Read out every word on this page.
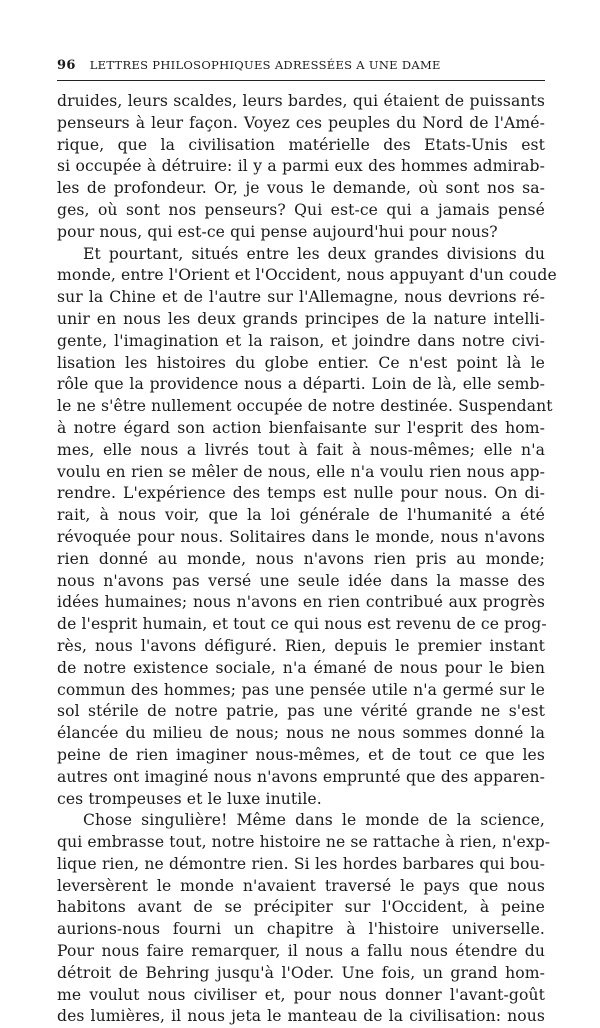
96 LETTRES PHILOSOPHIQUES ADRESSÉES A UNE DAME
druides, leurs scaldes, leurs bardes, qui étaient de puissants
penseurs à leur façon. Voyez ces peuples du Nord de l'Amé-
rique, que la civilisation matérielle des Etats-Unis est
si occupée à détruire: il y a parmi eux des hommes admirab-
les de profondeur. Or, je vous le demande, où sont nos sa-
ges, où sont nos penseurs? Qui est-ce qui a jamais pensé
pour nous, qui est-ce qui pense aujourd'hui pour nous?
Et pourtant, situés entre les deux grandes divisions du
monde, entre l'Orient et l'Occident, nous appuyant d'un coude
sur la Chine et de l'autre sur l'Allemagne, nous devrions ré-
unir en nous les deux grands principes de la nature intelli-
gente, l'imagination et la raison, et joindre dans notre civi-
lisation les histoires du globe entier. Ce n'est point là le
rôle que la providence nous a départi. Loin de là, elle semb-
le ne s'être nullement occupée de notre destinée. Suspendant
à notre égard son action bienfaisante sur l'esprit des hom-
mes, elle nous a livrés tout à fait à nous-mêmes; elle n'a
voulu en rien se mêler de nous, elle n'a voulu rien nous app-
rendre. L'expérience des temps est nulle pour nous. On di-
rait, à nous voir, que la loi générale de l'humanité a été
révoquée pour nous. Solitaires dans le monde, nous n'avons
rien donné au monde, nous n'avons rien pris au monde;
nous n'avons pas versé une seule idée dans la masse des
idées humaines; nous n'avons en rien contribué aux progrès
de l'esprit humain, et tout ce qui nous est revenu de ce prog-
rès, nous l'avons défiguré. Rien, depuis le premier instant
de notre existence sociale, n'a émané de nous pour le bien
commun des hommes; pas une pensée utile n'a germé sur le
sol stérile de notre patrie, pas une vérité grande ne s'est
élancée du milieu de nous; nous ne nous sommes donné la
peine de rien imaginer nous-mêmes, et de tout ce que les
autres ont imaginé nous n'avons emprunté que des apparen-
ces trompeuses et le luxe inutile.
Chose singulière! Même dans le monde de la science,
qui embrasse tout, notre histoire ne se rattache à rien, n'exp-
lique rien, ne démontre rien. Si les hordes barbares qui bou-
leversèrent le monde n'avaient traversé le pays que nous
habitons avant de se précipiter sur l'Occident, à peine
aurions-nous fourni un chapitre à l'histoire universelle.
Pour nous faire remarquer, il nous a fallu nous étendre du
détroit de Behring jusqu'à l'Oder. Une fois, un grand hom-
me voulut nous civiliser et, pour nous donner l'avant-goût
des lumières, il nous jeta le manteau de la civilisation: nous
